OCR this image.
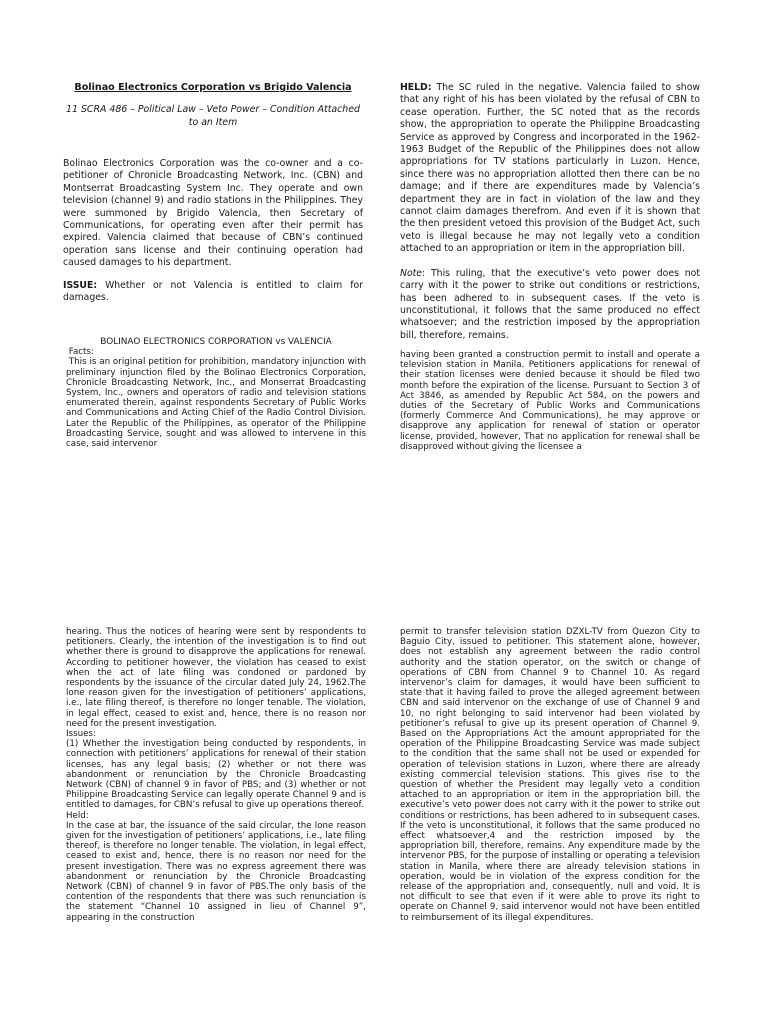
Bolinao Electronics Corporation vs Brigido Valencia

11 SCRA 486 – Political Law – Veto Power – Condition Attached to an Item

Bolinao Electronics Corporation was the co-owner and a co-petitioner of Chronicle Broadcasting Network, Inc. (CBN) and Montserrat Broadcasting System Inc. They operate and own television (channel 9) and radio stations in the Philippines. They were summoned by Brigido Valencia, then Secretary of Communications, for operating even after their permit has expired. Valencia claimed that because of CBN’s continued operation sans license and their continuing operation had caused damages to his department.

ISSUE: Whether or not Valencia is entitled to claim for damages.

HELD: The SC ruled in the negative. Valencia failed to show that any right of his has been violated by the refusal of CBN to cease operation. Further, the SC noted that as the records show, the appropriation to operate the Philippine Broadcasting Service as approved by Congress and incorporated in the 1962-1963 Budget of the Republic of the Philippines does not allow appropriations for TV stations particularly in Luzon. Hence, since there was no appropriation allotted then there can be no damage; and if there are expenditures made by Valencia’s department they are in fact in violation of the law and they cannot claim damages therefrom. And even if it is shown that the then president vetoed this provision of the Budget Act, such veto is illegal because he may not legally veto a condition attached to an appropriation or item in the appropriation bill.

Note: This ruling, that the executive’s veto power does not carry with it the power to strike out conditions or restrictions, has been adhered to in subsequent cases. If the veto is unconstitutional, it follows that the same produced no effect whatsoever; and the restriction imposed by the appropriation bill, therefore, remains.

BOLINAO ELECTRONICS CORPORATION vs VALENCIA

Facts:

This is an original petition for prohibition, mandatory injunction with preliminary injunction filed by the Bolinao Electronics Corporation, Chronicle Broadcasting Network, Inc., and Monserrat Broadcasting System, Inc., owners and operators of radio and television stations enumerated therein, against respondents Secretary of Public Works and Communications and Acting Chief of the Radio Control Division. Later the Republic of the Philippines, as operator of the Philippine Broadcasting Service, sought and was allowed to intervene in this case, said intervenor

having been granted a construction permit to install and operate a television station in Manila. Petitioners applications for renewal of their station licenses were denied because it should be filed two month before the expiration of the license. Pursuant to Section 3 of Act 3846, as amended by Republic Act 584, on the powers and duties of the Secretary of Public Works and Communications (formerly Commerce And Communications), he may approve or disapprove any application for renewal of station or operator license, provided, however, That no application for renewal shall be disapproved without giving the licensee a

hearing. Thus the notices of hearing were sent by respondents to petitioners. Clearly, the intention of the investigation is to find out whether there is ground to disapprove the applications for renewal. According to petitioner however, the violation has ceased to exist when the act of late filing was condoned or pardoned by respondents by the issuance of the circular dated July 24, 1962.The lone reason given for the investigation of petitioners’ applications, i.e., late filing thereof, is therefore no longer tenable. The violation, in legal effect, ceased to exist and, hence, there is no reason nor need for the present investigation.

Issues:

(1) Whether the investigation being conducted by respondents, in connection with petitioners’ applications for renewal of their station licenses, has any legal basis; (2) whether or not there was abandonment or renunciation by the Chronicle Broadcasting Network (CBN) of channel 9 in favor of PBS; and (3) whether or not Philippine Broadcasting Service can legally operate Channel 9 and is entitled to damages, for CBN’s refusal to give up operations thereof.

Held:

In the case at bar, the issuance of the said circular, the lone reason given for the investigation of petitioners’ applications, i.e., late filing thereof, is therefore no longer tenable. The violation, in legal effect, ceased to exist and, hence, there is no reason nor need for the present investigation. There was no express agreement there was abandonment or renunciation by the Chronicle Broadcasting Network (CBN) of channel 9 in favor of PBS.The only basis of the contention of the respondents that there was such renunciation is the statement “Channel 10 assigned in lieu of Channel 9”, appearing in the construction

permit to transfer television station DZXL-TV from Quezon City to Baguio City, issued to petitioner. This statement alone, however, does not establish any agreement between the radio control authority and the station operator, on the switch or change of operations of CBN from Channel 9 to Channel 10. As regard intervenor’s claim for damages, it would have been sufficient to state that it having failed to prove the alleged agreement between CBN and said intervenor on the exchange of use of Channel 9 and 10, no right belonging to said intervenor had been violated by petitioner’s refusal to give up its present operation of Channel 9. Based on the Appropriations Act the amount appropriated for the operation of the Philippine Broadcasting Service was made subject to the condition that the same shall not be used or expended for operation of television stations in Luzon, where there are already existing commercial television stations. This gives rise to the question of whether the President may legally veto a condition attached to an appropriation or item in the appropriation bill. the executive’s veto power does not carry with it the power to strike out conditions or restrictions, has been adhered to in subsequent cases. If the veto is unconstitutional, it follows that the same produced no effect whatsoever,4 and the restriction imposed by the appropriation bill, therefore, remains. Any expenditure made by the intervenor PBS, for the purpose of installing or operating a television station in Manila, where there are already television stations in operation, would be in violation of the express condition for the release of the appropriation and, consequently, null and void. It is not difficult to see that even if it were able to prove its right to operate on Channel 9, said intervenor would not have been entitled to reimbursement of its illegal expenditures.
